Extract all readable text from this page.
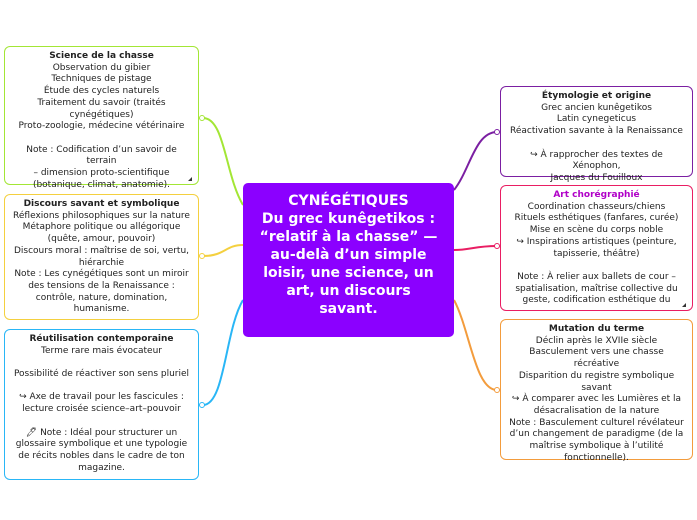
CYNÉGÉTIQUES
Du grec kunêgetikos :
“relatif à la chasse” —
au-delà d’un simple
loisir, une science, un
art, un discours
savant.
Science de la chasse
Observation du gibier
Techniques de pistage
Étude des cycles naturels
Traitement du savoir (traités
cynégétiques)
Proto-zoologie, médecine vétérinaire
Note : Codification d’un savoir de terrain
– dimension proto-scientifique
(botanique, climat, anatomie).
Discours savant et symbolique
Réflexions philosophiques sur la nature
Métaphore politique ou allégorique
(quête, amour, pouvoir)
Discours moral : maîtrise de soi, vertu,
hiérarchie
Note : Les cynégétiques sont un miroir
des tensions de la Renaissance :
contrôle, nature, domination,
humanisme.
Réutilisation contemporaine
Terme rare mais évocateur
Possibilité de réactiver son sens pluriel
↪ Axe de travail pour les fascicules :
lecture croisée science–art–pouvoir
🖊 Note : Idéal pour structurer un
glossaire symbolique et une typologie
de récits nobles dans le cadre de ton
magazine.
Étymologie et origine
Grec ancien kunêgetikos
Latin cynegeticus
Réactivation savante à la Renaissance
↪ À rapprocher des textes de Xénophon,
Jacques du Fouilloux
Art chorégraphié
Coordination chasseurs/chiens
Rituels esthétiques (fanfares, curée)
Mise en scène du corps noble
↪ Inspirations artistiques (peinture,
tapisserie, théâtre)
Note : À relier aux ballets de cour –
spatialisation, maîtrise collective du
geste, codification esthétique du
Mutation du terme
Déclin après le XVIIe siècle
Basculement vers une chasse récréative
Disparition du registre symbolique
savant
↪ À comparer avec les Lumières et la
désacralisation de la nature
Note : Basculement culturel révélateur
d’un changement de paradigme (de la
maîtrise symbolique à l’utilité
fonctionnelle).
